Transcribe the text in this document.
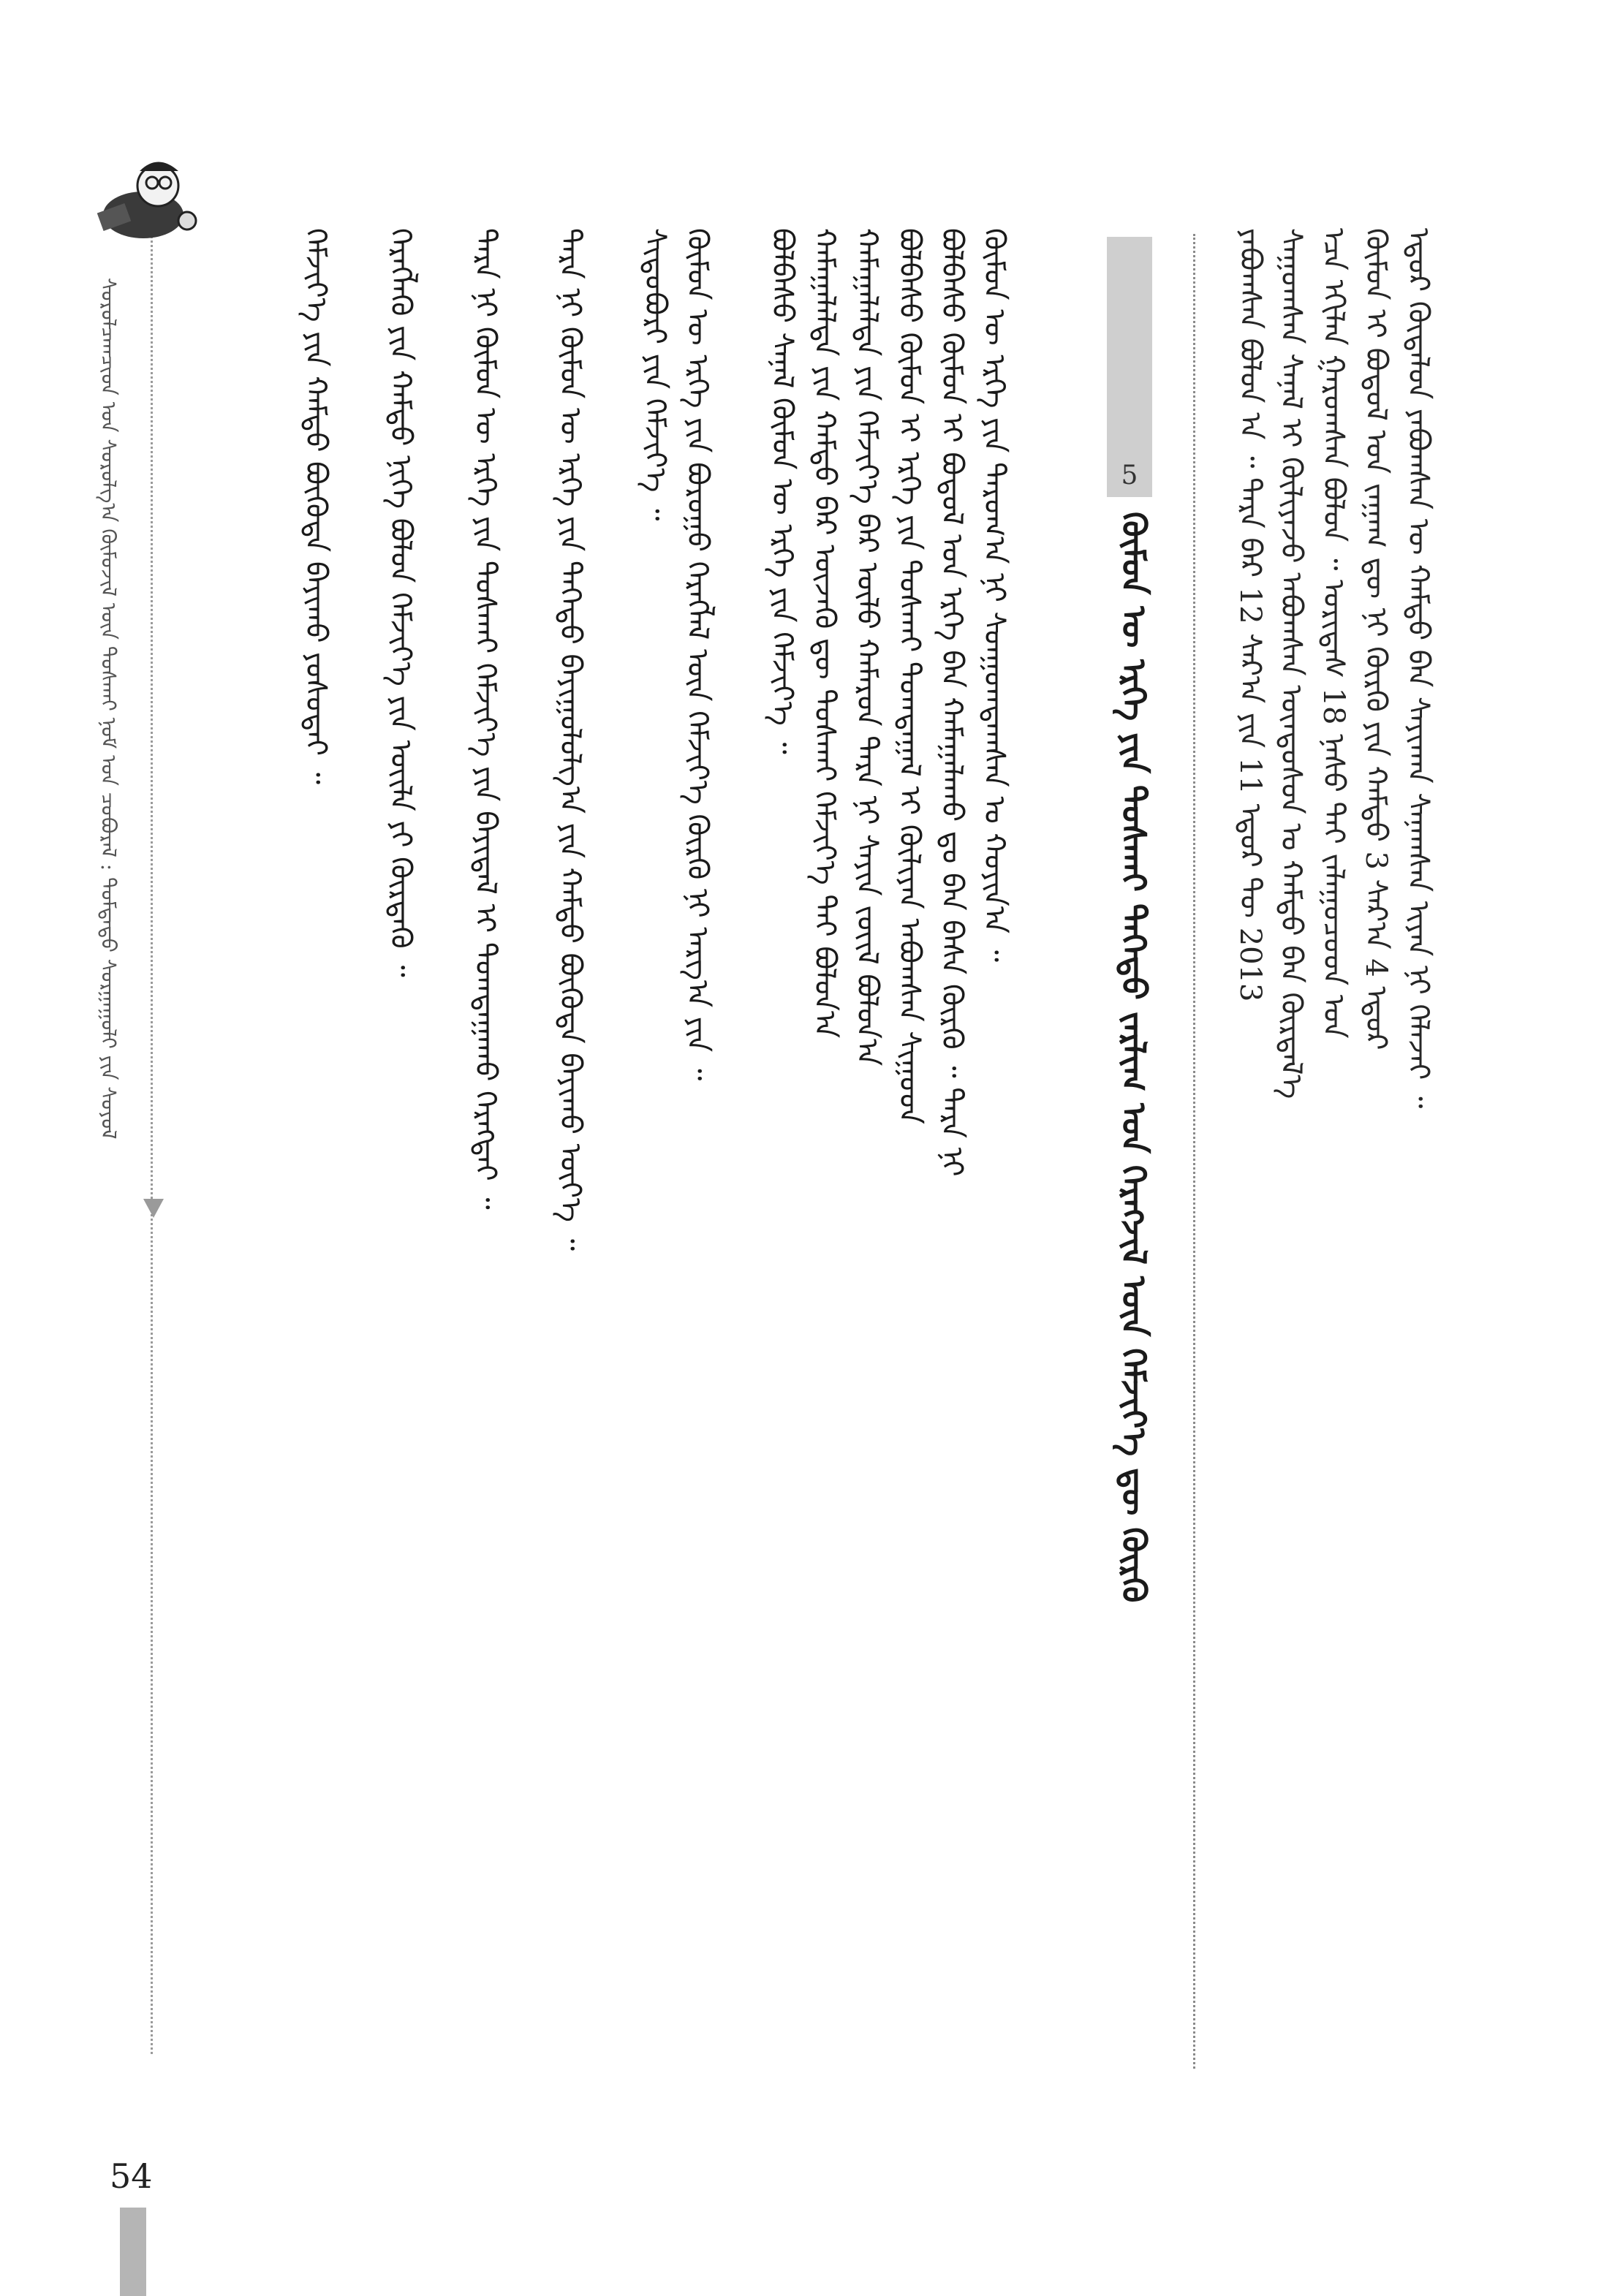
ᠡᠳᠦᠷ ᠬᠥᠲᠡᠯᠦᠨ ᠶᠠᠪᠤᠭᠰᠠᠨ ᠦ ᠬᠠᠮᠲᠤ ᠪᠠᠨ ᠰᠠᠶᠢᠬᠠᠨ ᠰᠠᠨᠠᠭᠰᠠᠨ ᠢᠶᠡᠨ ᠨᠢ ᠬᠡᠯᠡᠵᠡᠢ ᠃
ᠬᠥᠮᠦᠨ ᠢ ᠪᠣᠳᠣᠯ ᠤᠨ ᠵᠠᠭᠠᠭ ᠳᠦ ᠨᠢ ᠬᠦᠷᠬᠦ ᠶᠢᠨ ᠬᠠᠮᠲᠤ 3 ᠰᠠᠷ᠎ᠠ 4 ᠡᠳᠦᠷ
ᠡᠴᠡ ᠡᠬᠢᠯᠡᠨ ᠭᠠᠷᠤᠭᠰᠠᠨ ᠪᠣᠯᠣᠨ ᠃ ᠤᠷᠢᠳᠠᠰ 18 ᠨᠠᠰᠤ ᠲᠠᠢ ᠵᠠᠯᠠᠭᠤᠴᠤᠳ ᠤᠨ
ᠰᠠᠭᠤᠭᠰᠠᠨ ᠰᠠᠨᠠᠯ ᠢ ᠬᠦᠯᠢᠶᠡᠵᠦ ᠠᠪᠤᠭᠰᠠᠨ ᠦᠨᠳᠦᠰᠦᠨ ᠤ ᠬᠠᠮᠲᠤ ᠪᠡᠨ ᠬᠦᠷᠲᠡᠯ᠎ᠡ
ᠶᠠᠪᠤᠭᠰᠠᠨ ᠪᠣᠯᠤᠨ ᠠ ᠃ ᠲᠡᠷᠡ ᠪᠡᠷ 12 ᠰᠠᠷ᠎ᠠ ᠶᠢᠨ 11 ᠡᠳᠦᠷ ᠲᠦ 2013
5
ᠬᠥᠮᠦᠨ ᠦ ᠡᠷᠬᠡ ᠶᠢᠨ ᠲᠤᠰᠬᠠᠢ ᠳᠡᠭᠡᠳᠦ ᠵᠠᠷᠯᠢᠭ ᠤᠨ ᠬᠡᠷᠡᠭᠵᠢᠯ ᠦᠨ ᠬᠡᠮᠵᠢᠶ᠎ᠡ ᠳᠦ ᠬᠦᠷᠬᠦ
ᠬᠦᠮᠦᠨ ᠦ ᠡᠷᠬᠡ ᠶᠢᠨ ᠳᠠᠷᠤᠭ᠎ᠠ ᠨᠢ ᠰᠣᠨᠭᠤᠭᠳᠠᠭᠰᠠᠨ ᠤ ᠬᠣᠶᠢᠨ᠎ᠠ ᠃
ᠪᠣᠯᠪᠠᠰᠤ ᠬᠥᠮᠦᠨ ᠢ ᠪᠣᠳᠣᠯ ᠤᠨ ᠡᠷᠬᠡ ᠪᠡᠨ ᠬᠠᠮᠠᠭᠠᠯᠠᠬᠤ ᠳᠤ ᠪᠡᠨ ᠪᠠᠰᠠ ᠬᠦᠷᠬᠦ ᠃ ᠲᠡᠷᠡ ᠨᠢ
ᠪᠣᠯᠪᠠᠰᠤ ᠬᠥᠮᠦᠨ ᠢ ᠡᠷᠬᠡ ᠶᠢᠨ ᠲᠤᠰᠬᠠᠢ ᠲᠣᠭᠲᠠᠭᠠᠯ ᠢ ᠬᠦᠯᠢᠶᠡᠨ ᠠᠪᠤᠭᠰᠠᠨ ᠰᠢᠭᠤᠳ
ᠬᠠᠮᠠᠭᠠᠯᠠᠯᠲᠠ ᠶᠢᠨ ᠬᠡᠮᠵᠢᠶ᠎ᠡ ᠪᠡᠷ ᠦᠯᠦ ᠬᠠᠮᠠᠷᠤᠨ ᠲᠡᠷᠡ ᠨᠢ ᠰᠠᠶᠢᠨ ᠵᠦᠢᠯ ᠪᠣᠯᠤᠨ᠎ᠠ
ᠬᠠᠮᠠᠭᠠᠯᠠᠯᠲᠠ ᠶᠢᠨ ᠬᠠᠮᠲᠤ ᠪᠡᠷ ᠦᠵᠡᠬᠦ ᠳᠦ ᠲᠤᠰᠬᠠᠢ ᠬᠡᠮᠵᠢᠶ᠎ᠡ ᠲᠠᠢ ᠪᠣᠯᠤᠨ᠎ᠠ
ᠪᠣᠯᠪᠠᠰᠤ ᠰᠠᠨᠠᠯ ᠬᠦᠮᠦᠨ ᠦ ᠡᠷᠬᠡ ᠶᠢᠨ ᠬᠡᠮᠵᠢᠶ᠎ᠡ ᠃
ᠬᠦᠮᠦᠨ ᠦ ᠡᠷᠬᠡ ᠶᠢᠨ ᠪᠤᠷᠤᠭᠤ ᠬᠡᠷᠡᠭᠯᠡᠯ ᠦᠨ ᠬᠡᠮᠵᠢᠶ᠎ᠡ ᠬᠦᠷᠬᠦ ᠨᠢ ᠠᠷᠭ᠎ᠠ ᠶᠢᠨ ᠃
ᠰᠢᠳᠤᠪᠦᠷᠢ ᠶᠢᠨ ᠬᠡᠮᠵᠢᠶ᠎ᠡ ᠃
ᠲᠡᠷᠡ ᠨᠢ ᠬᠦᠮᠦᠨ ᠦ ᠡᠷᠬᠡ ᠶᠢᠨ ᠳᠡᠭᠡᠳᠦ ᠪᠠᠶᠢᠭᠤᠯᠤᠯᠭ᠎ᠠ ᠶᠢᠨ ᠬᠠᠮᠲᠤ ᠪᠦᠭᠦᠳᠡ ᠪᠠᠶᠢᠬᠤ ᠦᠶ᠎ᠡ ᠃
ᠲᠡᠷᠡ ᠨᠢ ᠬᠦᠮᠦᠨ ᠦ ᠡᠷᠬᠡ ᠶᠢᠨ ᠲᠤᠰᠬᠠᠢ ᠬᠡᠮᠵᠢᠶ᠎ᠡ ᠶᠢᠨ ᠪᠠᠶᠢᠳᠠᠯ ᠢ ᠲᠣᠭᠲᠠᠭᠠᠬᠤ ᠬᠡᠷᠡᠭᠲᠡᠢ ᠃
ᠬᠡᠷᠡᠭᠯᠡᠬᠦ ᠶᠢᠨ ᠬᠠᠮᠲᠤ ᠨᠢᠭᠡ ᠪᠣᠯᠤᠨ ᠬᠡᠮᠵᠢᠶ᠎ᠡ ᠶᠢᠨ ᠦᠢᠯᠡ ᠶᠢ ᠬᠦᠷᠲᠡᠬᠦ ᠃
ᠬᠡᠮᠵᠢᠶ᠎ᠡ ᠶᠢᠨ ᠬᠠᠮᠲᠤ ᠪᠦᠭᠦᠳᠡ ᠪᠠᠶᠢᠬᠤ ᠶᠣᠰᠣᠲᠠᠢ ᠃
ᠰᠤᠷᠤᠯᠴᠠᠭᠴᠢᠳ ᠤᠨ ᠰᠤᠷᠤᠯᠭ᠎ᠠ ᠬᠥᠮᠦᠵᠢᠯ ᠦᠨ ᠲᠤᠰᠬᠠᠢ ᠨᠣᠮ ᠤᠨ ᠴᠤᠪᠤᠷᠠᠯ : ᠳᠤᠮᠳᠠᠳᠤ ᠰᠤᠷᠭᠠᠭᠤᠯᠢ ᠶᠢᠨ ᠰᠣᠶᠤᠯ
54
